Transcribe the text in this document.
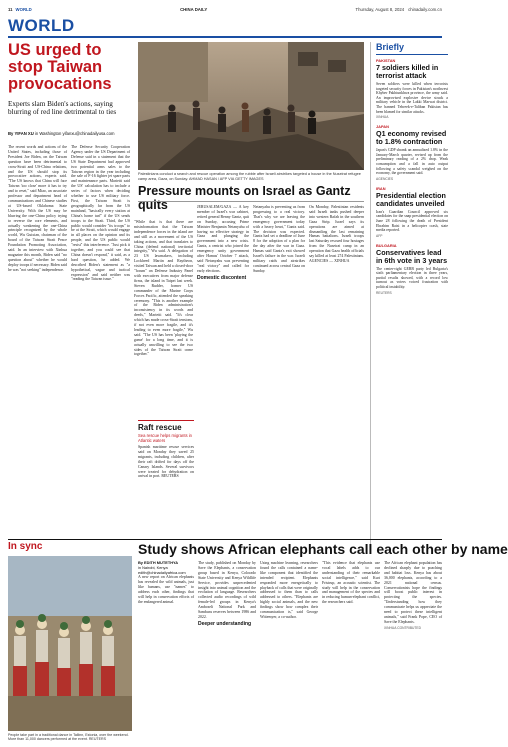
11 WORLD	CHINA DAILY	Thursday, August 8, 2024 chinadaily.com.cn
WORLD
US urged to stop Taiwan provocations
Experts slam Biden's actions, saying blurring of red line detrimental to ties
By YIFAN XU in Washington yifanxu@chinadailyusa.com
The recent words and actions of the United States, including those of President Joe Biden, on the Taiwan question have been detrimental to cross-Strait and US-China relations, and the US should stop its provocative actions, experts said. "The US knows that China will face Taiwan 'too close' more it has to try and to reset," said Miao, an associate professor and department head of communications and Chinese studies at US-based Oklahoma State University. With the US may be blurring the one-China policy trying to reverse the core elements, and actually weakening the one-China principle recognized by the whole world, Wu Guixian, chairman of the board of the Taiwan Strait Peace Foundation Promoting Association, said. In an interview with Xinhua magazine this month, Biden said "no question about" whether he would deploy troops if necessary. Biden said he was "not seeking" independence.
The Defense Security Cooperation Agency under the US Department of Defense said in a statement that the US State Department had approved two potential arms sales to the Taiwan region in the year including the sale of F-16 fighter jet spare parts and maintenance parts. Marietti said the US' calculation has to include a series of factors when deciding whether to use US military force. First, the Taiwan Strait is geographically far from the US mainland, "basically every station at China's home turf" if the US sends troops to the Strait. Third, the US public would consider "its troops" to be at the Strait, which would engage in all places on the opinion and its people, and the US public would "resist" this interference. "Just pick it together, and you could see that China doesn't respond," it said, as a hard question, he added. We described Biden's statement as "a hypothetical, vague and tactical expression" and said neither was "reading the Taiwan issue."
"While that is that there are misinformation that the Taiwan independence forces in the island are and still as a movement of the US taking actions, and that translates to China (defend national) territorial integrity," Wu said. A delegation of 23 US lawmakers, including Lockheed Martin and Raytheon, visited Taiwan and held a closed-door "forum" on Defense Industry Panel with executives from major defense firms, the island in Taipei last week. Steven Rudder, former US commander of the Marine Corps Forces Pacific, attended the speaking ceremony. "This is another example of the Biden administration's inconsistency in its words and deeds," Marietti said. "It's clear which has made cross-Strait tensions, if not even more fragile, and it's leading to even more fragile," Wu said. "The US has been 'playing the game' for a long time, and it is actually unwilling to see the two sides of the Taiwan Strait come together."
Palestinians conduct a search and rescue operation among the rubble after Israeli airstrikes targeted a house in the Nuseirat refugee camp area, Gaza, on Sunday. AHMAD HASAN / AFP VIA GETTY IMAGES
Pressure mounts on Israel as Gantz quits	JERUSALEM/GAZA — A key member of Israel's war cabinet, retired general Benny Gantz, quit on Sunday, accusing Prime Minister Benjamin Netanyahu of having no effective strategy in Gaza and plunging the government into a new crisis. Gantz, a centrist who joined the emergency unity government after Hamas' October 7 attack, said Netanyahu was preventing "real victory" and called for early elections.
Domestic discontent
Netanyahu is preventing us from progressing to a real victory. That's why we are leaving the emergency government today with a heavy heart," Gantz said. The decision was expected. Gantz had set a deadline of June 8 for the adoption of a plan for the day after the war in Gaza. Hamas said Gantz's exit showed Israel's failure in the war. Israeli military raids and airstrikes continued across central Gaza on Sunday.
On Monday, Palestinian residents said Israeli tanks pushed deeper into western Rafah in the southern Gaza Strip. Israel says its operations are aimed at dismantling the last remaining Hamas battalions. Israeli troops last Saturday rescued four hostages from the Nuseirat camp in an operation that Gaza health officials say killed at least 274 Palestinians. AGENCIES — XINHUA
Raft rescue
Sea rescue helps migrants in Atlantic waters
Spanish maritime rescue services said on Monday they saved 25 migrants, including children, after their raft drifted for days off the Canary Islands. Several survivors were treated for dehydration on arrival in port. REUTERS
Briefly
PAKISTAN
7 soldiers killed in terrorist attack
Seven soldiers were killed when terrorists targeted security forces in Pakistan's northwest Khyber Pakhtunkhwa province, the army said. An improvised explosive device struck a military vehicle in the Lakki Marwat district. The banned Tehreek-e-Taliban Pakistan has been blamed for similar attacks.
XINHUA
JAPAN
Q1 economy revised to 1.8% contraction
Japan's GDP shrank an annualized 1.8% in the January-March quarter, revised up from the preliminary reading of a 2% drop. Weak consumption and a fall in auto output following a safety scandal weighed on the economy, the government said.
AGENCIES
IRAN
Presidential election candidates unveiled
Iran's Guardian Council approved six candidates for the snap presidential election on June 28 following the death of President Ebrahim Raisi in a helicopter crash, state media reported.
AFP
BULGARIA
Conservatives lead in 6th vote in 3 years
The center-right GERB party led Bulgaria's sixth parliamentary election in three years, partial results showed, with a record low turnout as voters voiced frustration with political instability.
REUTERS
In sync
People take part in a traditional dance in Tallinn, Estonia, over the weekend. More than 11,000 dancers performed at the event. REUTERS
Study shows African elephants call each other by name
By EDITH MUTETHYA
in Nairobi, Kenya edith@chinadailyafrica.com
A new report on African elephants has revealed the wild animals, just like humans, use "names" to address each other, findings that will help in conservation efforts of the endangered animal.
The study, published on Monday by Save the Elephants, a conservation group based in Kenya, Colorado State University and Kenya Wildlife Service, provides unprecedented insight into animal cognition and the evolution of language. Researchers collected audio recordings of wild female-led groups in Kenya's Amboseli National Park and Samburu reserves between 1986 and 2022.
Deeper understanding
Using machine learning, researchers found the calls contained a name-like component that identified the intended recipient. Elephants responded more energetically to playback of calls that were originally addressed to them than to calls addressed to others. "Elephants are highly social animals, and the new findings show how complex their communication is," said George Wittemyer, a co-author.
"This evidence that elephants use vocal labels adds to our understanding of their remarkable social intelligence," said Kurt Fristrup, an acoustic scientist. The study will help in the conservation and management of the species and in reducing human-elephant conflict, the researchers said.
The African elephant population has declined sharply due to poaching and habitat loss. Kenya has about 36,000 elephants, according to a 2021 national census. Conservationists hope the findings will boost public interest in protecting the species. "Understanding how they communicate helps us appreciate the need to protect these intelligent animals," said Frank Pope, CEO of Save the Elephants.
XINHUA CONTRIBUTED
